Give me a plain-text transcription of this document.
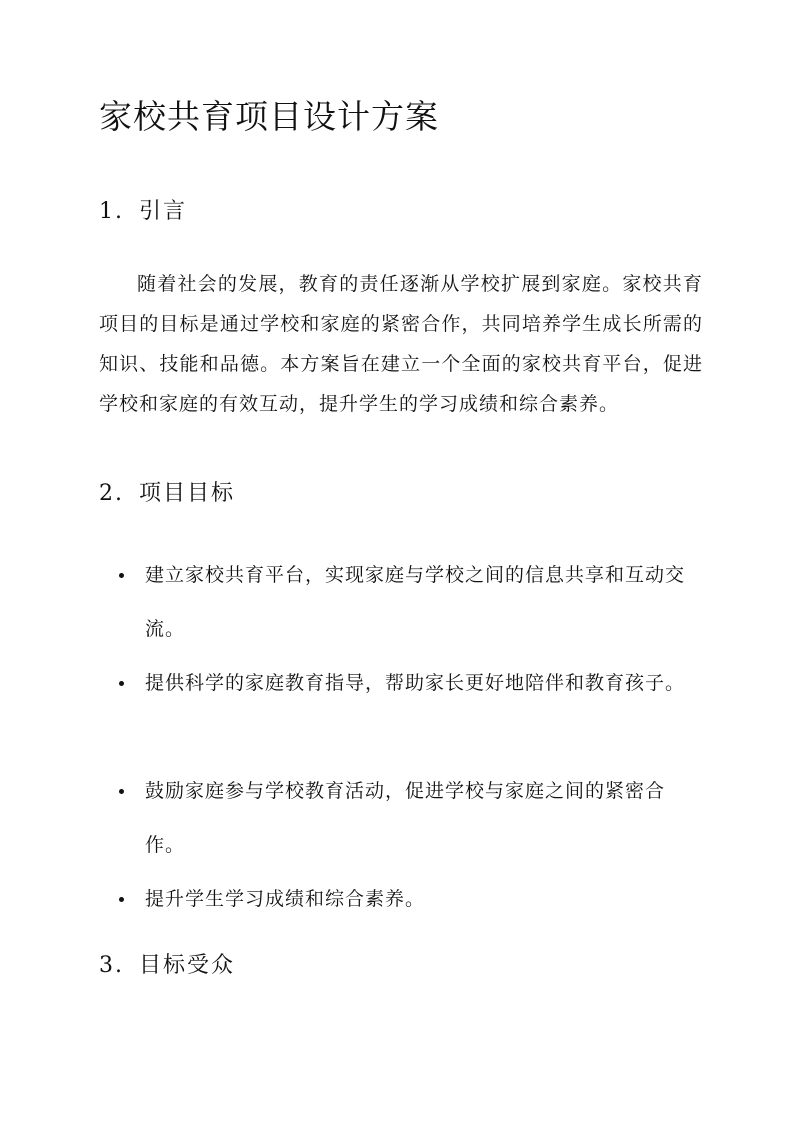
家校共育项目设计方案
1. 引言

随着社会的发展，教育的责任逐渐从学校扩展到家庭。家校共育项目的目标是通过学校和家庭的紧密合作，共同培养学生成长所需的知识、技能和品德。本方案旨在建立一个全面的家校共育平台，促进学校和家庭的有效互动，提升学生的学习成绩和综合素养。

2. 项目目标
建立家校共育平台，实现家庭与学校之间的信息共享和互动交流。
提供科学的家庭教育指导，帮助家长更好地陪伴和教育孩子。
鼓励家庭参与学校教育活动，促进学校与家庭之间的紧密合作。
提升学生学习成绩和综合素养。
3. 目标受众
